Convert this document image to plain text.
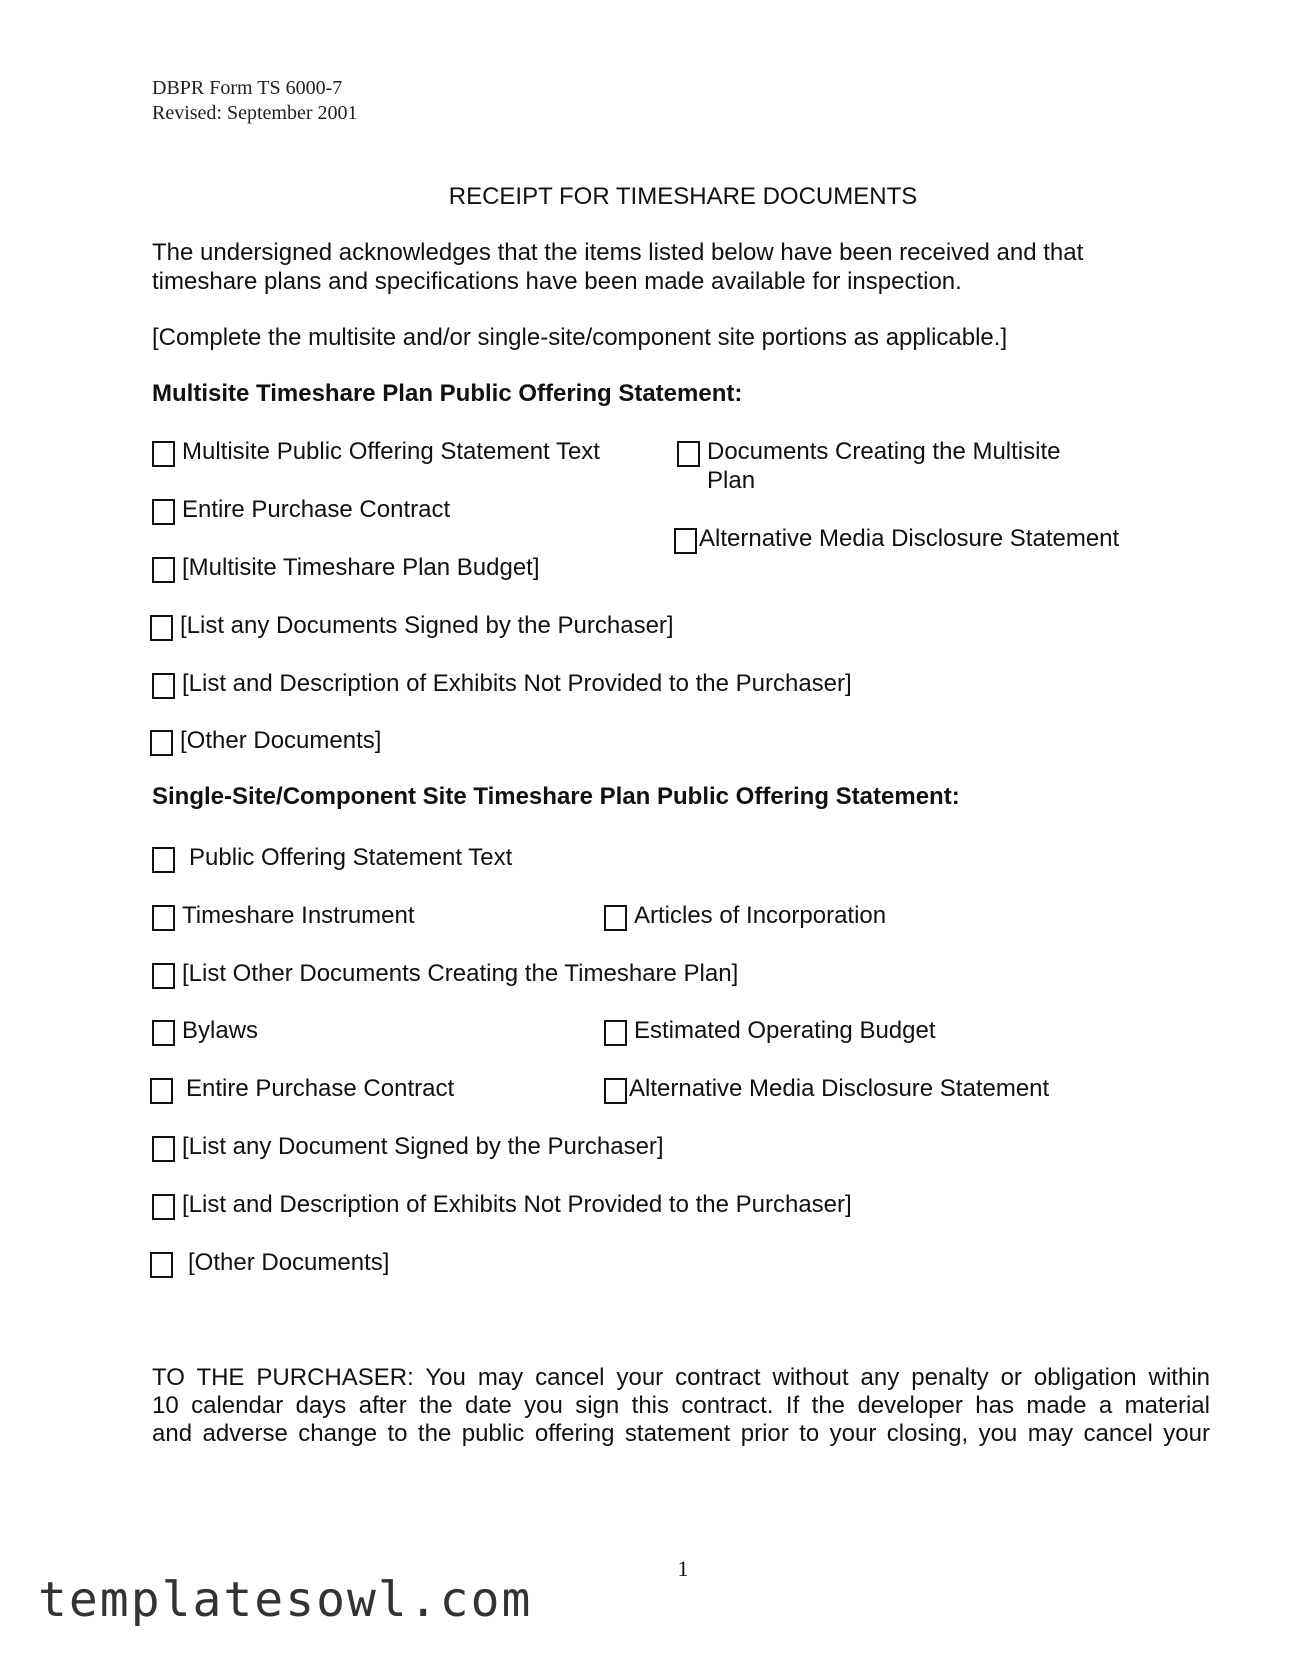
DBPR Form TS 6000-7
Revised: September 2001
RECEIPT FOR TIMESHARE DOCUMENTS
The undersigned acknowledges that the items listed below have been received and that
timeshare plans and specifications have been made available for inspection.
[Complete the multisite and/or single-site/component site portions as applicable.]
Multisite Timeshare Plan Public Offering Statement:
Multisite Public Offering Statement Text	Documents Creating the Multisite Plan
Entire Purchase Contract
Alternative Media Disclosure Statement
[Multisite Timeshare Plan Budget]
[List any Documents Signed by the Purchaser]
[List and Description of Exhibits Not Provided to the Purchaser]
[Other Documents]
Single-Site/Component Site Timeshare Plan Public Offering Statement:
Public Offering Statement Text
Timeshare Instrument	Articles of Incorporation
[List Other Documents Creating the Timeshare Plan]
Bylaws	Estimated Operating Budget
Entire Purchase Contract	Alternative Media Disclosure Statement
[List any Document Signed by the Purchaser]
[List and Description of Exhibits Not Provided to the Purchaser]
[Other Documents]
TO THE PURCHASER: You may cancel your contract without any penalty or obligation within
10 calendar days after the date you sign this contract. If the developer has made a material
and adverse change to the public offering statement prior to your closing, you may cancel your
1
templatesowl.com
